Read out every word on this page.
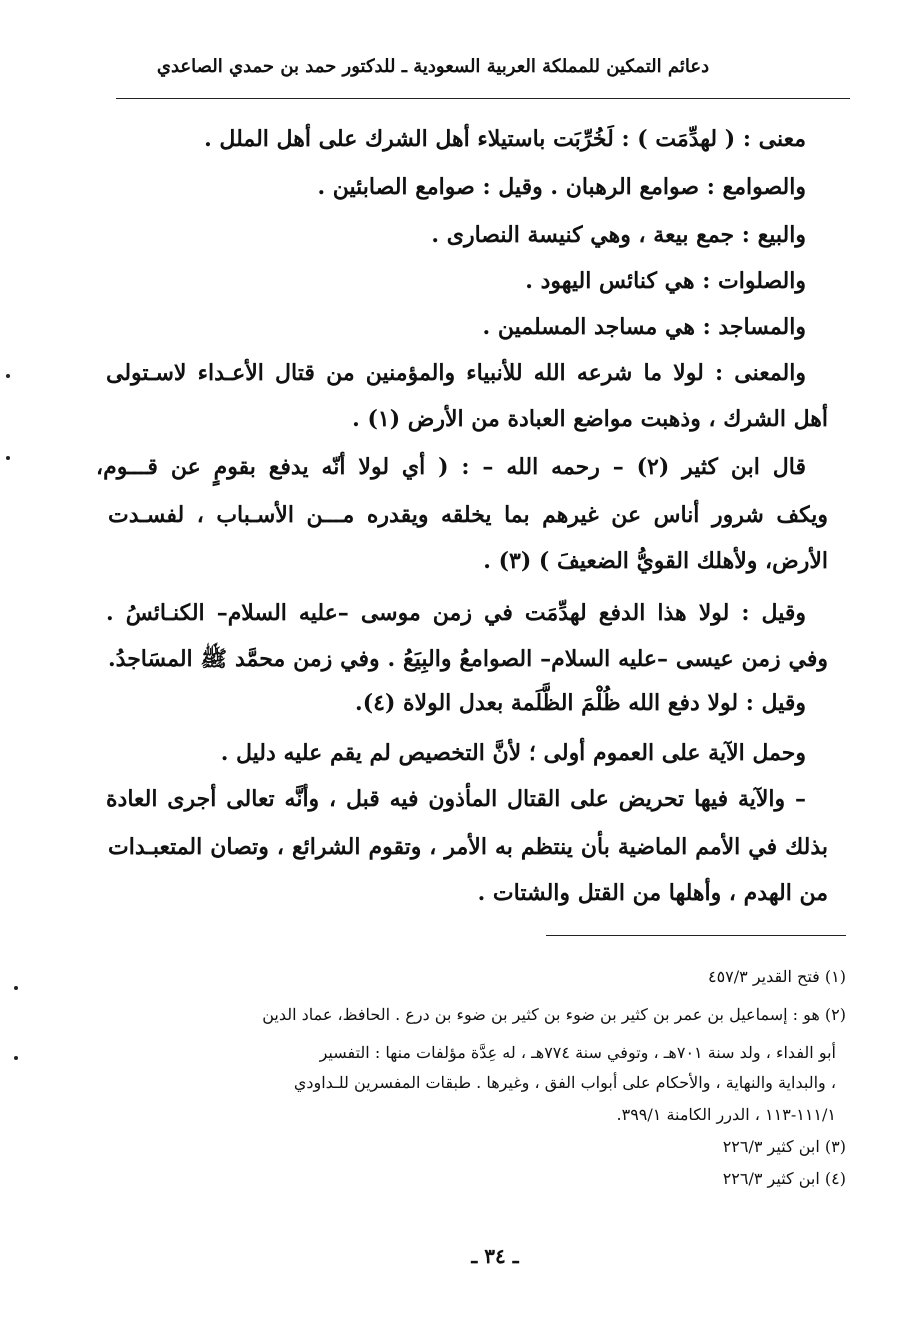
دعائم التمكين للمملكة العربية السعودية ـ للدكتور حمد بن حمدي الصاعدي
معنى : ( لهدِّمَت ) : لَخُرِّبَت باستيلاء أهل الشرك على أهل الملل .
والصوامع : صوامع الرهبان . وقيل : صوامع الصابئين .
والبيع : جمع بيعة ، وهي كنيسة النصارى .
والصلوات : هي كنائس اليهود .
والمساجد : هي مساجد المسلمين .
والمعنى : لولا ما شرعه الله للأنبياء والمؤمنين من قتال الأعـداء لاسـتولى
أهل الشرك ، وذهبت مواضع العبادة من الأرض (١) .
قال ابن كثير (٢) – رحمه الله – : ( أي لولا أنّه يدفع بقومٍ عن قـــوم،
ويكف شرور أناس عن غيرهم بما يخلقه ويقدره مـــن الأسـباب ، لفسـدت
الأرض، ولأهلك القويُّ الضعيفَ ) (٣) .
وقيل : لولا هذا الدفع لهدِّمَت في زمن موسى –عليه السلام– الكنـائسُ .
وفي زمن عيسى –عليه السلام– الصوامعُ والبِيَعُ . وفي زمن محمَّد ﷺ المسَاجدُ.
وقيل : لولا دفع الله ظُلْمَ الظَّلَمة بعدل الولاة (٤).
وحمل الآية على العموم أولى ؛ لأنَّ التخصيص لم يقم عليه دليل .
– والآية فيها تحريض على القتال المأذون فيه قبل ، وأنَّه تعالى أجرى العادة
بذلك في الأمم الماضية بأن ينتظم به الأمر ، وتقوم الشرائع ، وتصان المتعبـدات
من الهدم ، وأهلها من القتل والشتات .
(١) فتح القدير ٤٥٧/٣
(٢) هو : إسماعيل بن عمر بن كثير بن ضوء بن كثير بن ضوء بن درع . الحافظ، عماد الدين
أبو الفداء ، ولد سنة ٧٠١هـ ، وتوفي سنة ٧٧٤هـ ، له عِدَّة مؤلفات منها : التفسير
، والبداية والنهاية ، والأحكام على أبواب الفق ، وغيرها . طبقات المفسرين للـداودي
١١١/١-١١٣ ، الدرر الكامنة ٣٩٩/١.
(٣) ابن كثير ٢٢٦/٣
(٤) ابن كثير ٢٢٦/٣
ـ ٣٤ ـ
